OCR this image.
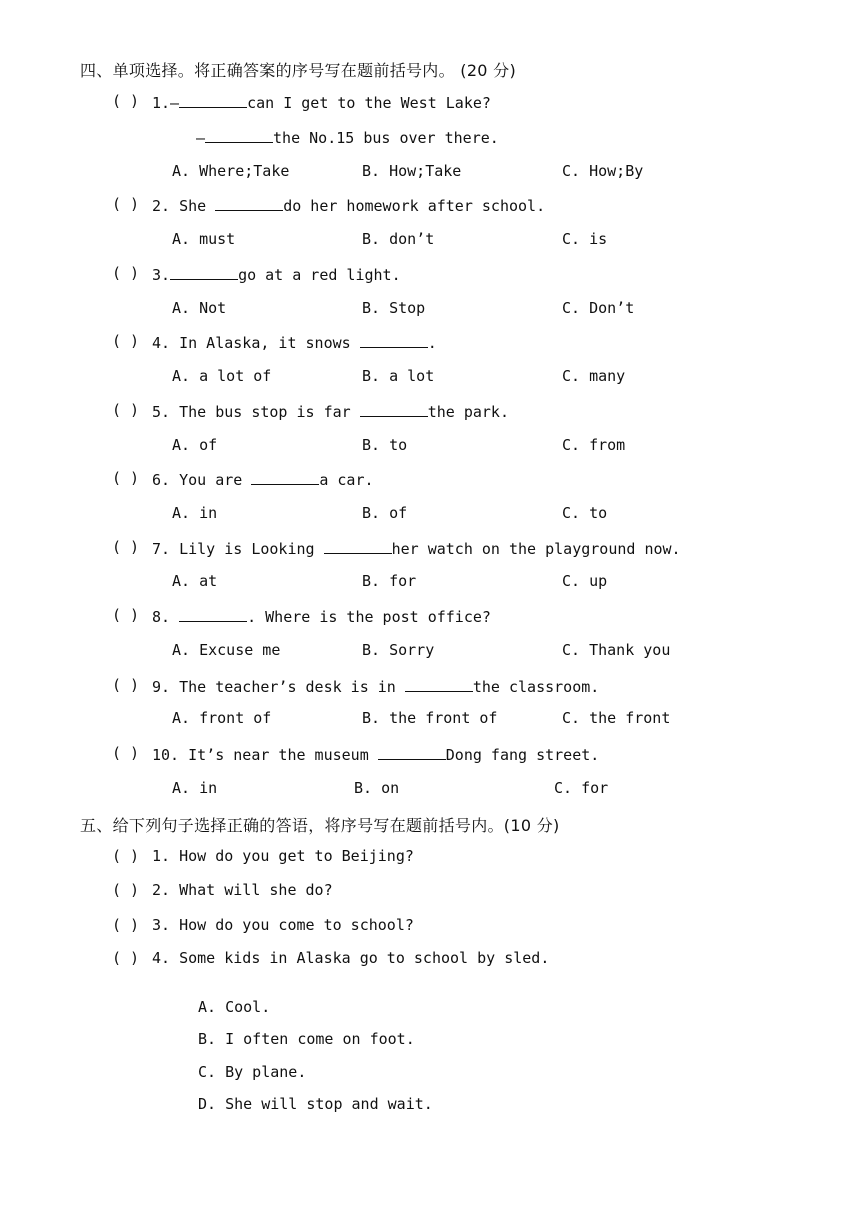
四、单项选择。将正确答案的序号写在题前括号内。 (20 分)
( ) 1.—	can I get to the West Lake?
—	the No.15 bus over there.
A. Where;Take	B. How;Take	C. How;By
( ) 2. She	do her homework after school.
A. must	B. don’t	C. is
( ) 3.	go at a red light.
A. Not	B. Stop	C. Don’t
( ) 4. In Alaska, it snows	.
A. a lot of	B. a lot	C. many
( ) 5. The bus stop is far	the park.
A. of	B. to	C. from
( ) 6. You are	a car.
A. in	B. of	C. to
( ) 7. Lily is Looking	her watch on the playground now.
A. at	B. for	C. up
( ) 8.	. Where is the post office?
A. Excuse me	B. Sorry	C. Thank you
( ) 9. The teacher’s desk is in	the classroom.
A. front of	B. the front of	C. the front
( ) 10. It’s near the museum	Dong fang street.
A. in	B. on	C. for
五、给下列句子选择正确的答语，将序号写在题前括号内。(10 分)
( ) 1. How do you get to Beijing?
( ) 2. What will she do?
( ) 3. How do you come to school?
( ) 4. Some kids in Alaska go to school by sled.
A. Cool.
B. I often come on foot.
C. By plane.
D. She will stop and wait.
